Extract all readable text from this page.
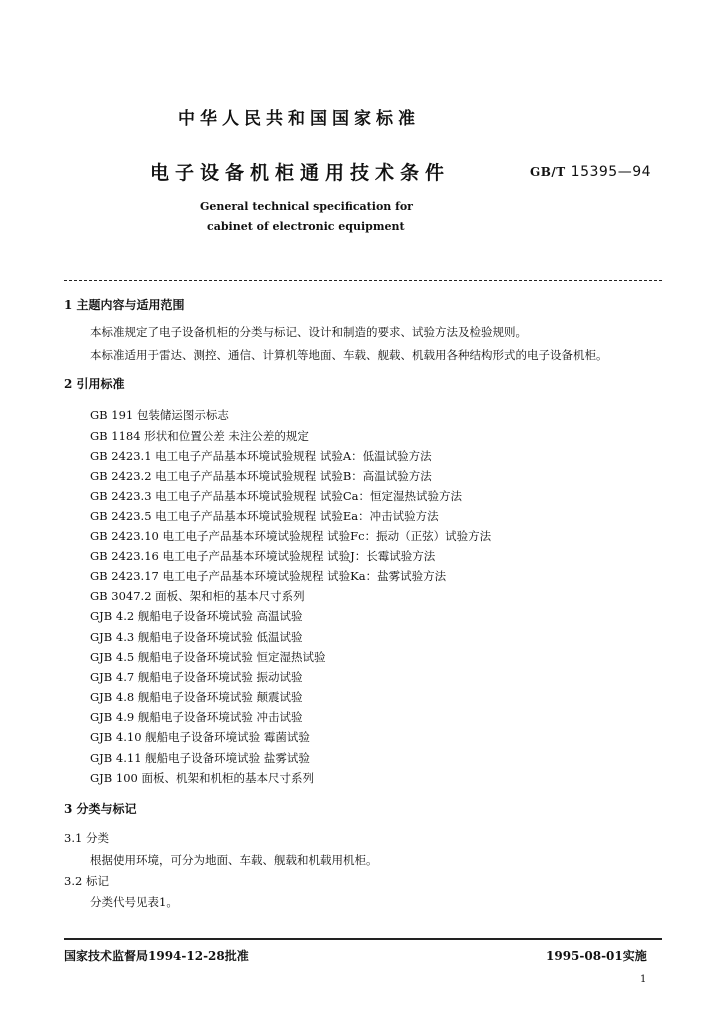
中华人民共和国国家标准
电子设备机柜通用技术条件	GB/T 15395—94
General technical specification for
cabinet of electronic equipment
1 主题内容与适用范围
本标准规定了电子设备机柜的分类与标记、设计和制造的要求、试验方法及检验规则。
本标准适用于雷达、测控、通信、计算机等地面、车载、舰载、机载用各种结构形式的电子设备机柜。
2 引用标准
GB 191 包装储运图示标志
GB 1184 形状和位置公差 未注公差的规定
GB 2423.1 电工电子产品基本环境试验规程 试验A：低温试验方法
GB 2423.2 电工电子产品基本环境试验规程 试验B：高温试验方法
GB 2423.3 电工电子产品基本环境试验规程 试验Ca：恒定湿热试验方法
GB 2423.5 电工电子产品基本环境试验规程 试验Ea：冲击试验方法
GB 2423.10 电工电子产品基本环境试验规程 试验Fc：振动（正弦）试验方法
GB 2423.16 电工电子产品基本环境试验规程 试验J：长霉试验方法
GB 2423.17 电工电子产品基本环境试验规程 试验Ka：盐雾试验方法
GB 3047.2 面板、架和柜的基本尺寸系列
GJB 4.2 舰船电子设备环境试验 高温试验
GJB 4.3 舰船电子设备环境试验 低温试验
GJB 4.5 舰船电子设备环境试验 恒定湿热试验
GJB 4.7 舰船电子设备环境试验 振动试验
GJB 4.8 舰船电子设备环境试验 颠震试验
GJB 4.9 舰船电子设备环境试验 冲击试验
GJB 4.10 舰船电子设备环境试验 霉菌试验
GJB 4.11 舰船电子设备环境试验 盐雾试验
GJB 100 面板、机架和机柜的基本尺寸系列
3 分类与标记
3.1 分类
根据使用环境，可分为地面、车载、舰载和机载用机柜。
3.2 标记
分类代号见表1。
国家技术监督局1994-12-28批准	1995-08-01实施
1
